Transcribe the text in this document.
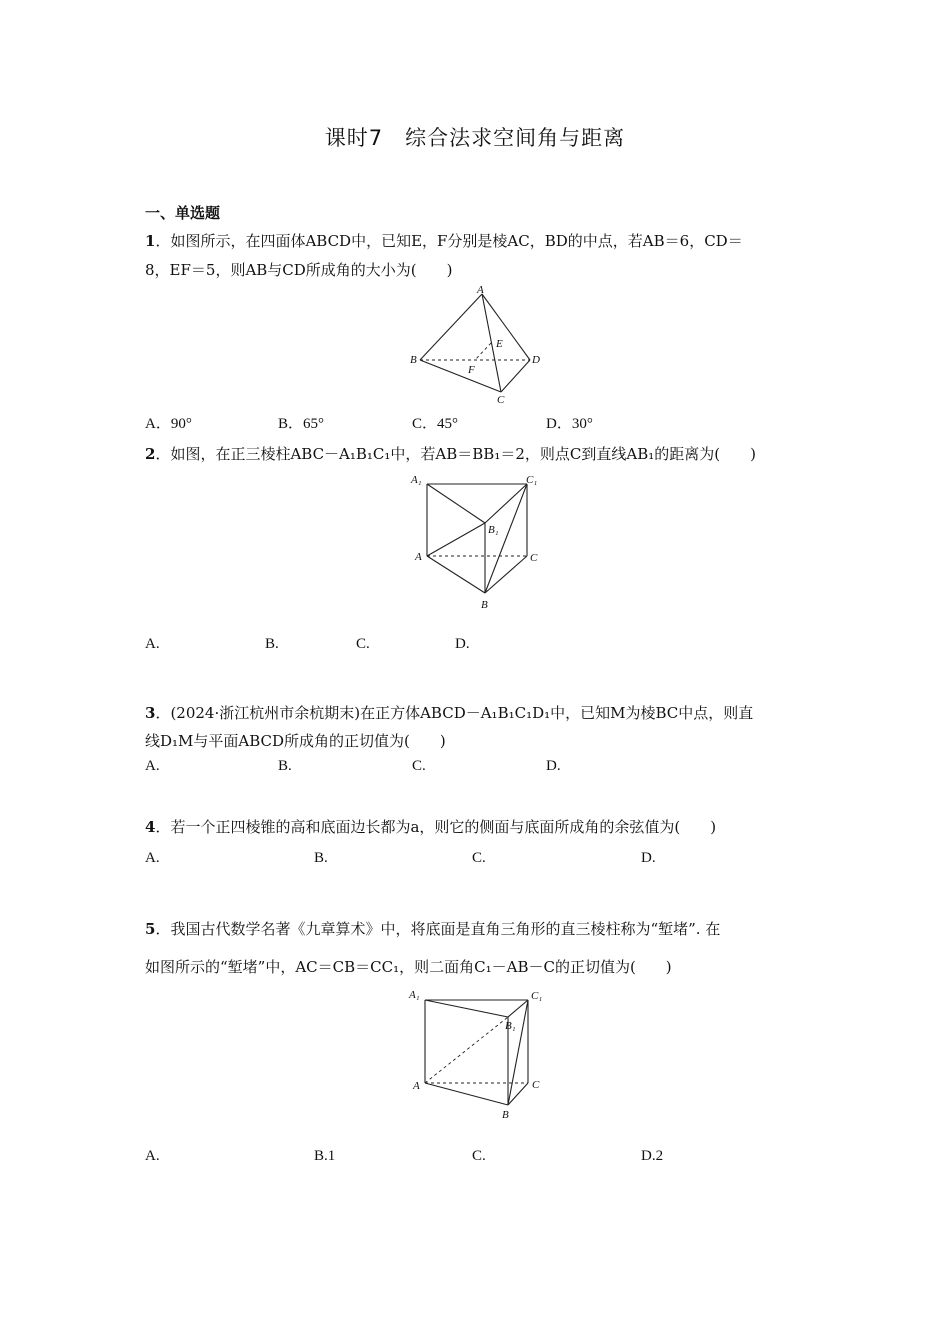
课时7　综合法求空间角与距离
一、单选题
1．如图所示，在四面体ABCD中，已知E，F分别是棱AC，BD的中点，若AB＝6，CD＝
8，EF＝5，则AB与CD所成角的大小为(　　)
A
B	D
C
E
F
A．90°	B．65°	C．45°	D．30°
2．如图，在正三棱柱ABC－A₁B₁C₁中，若AB＝BB₁＝2，则点C到直线AB₁的距离为(　　)
A₁	C₁
B₁
A	C
B
A.	B.	C.	D.
3．(2024·浙江杭州市余杭期末)在正方体ABCD－A₁B₁C₁D₁中，已知M为棱BC中点，则直
线D₁M与平面ABCD所成角的正切值为(　　)
A.	B.	C.	D.
4．若一个正四棱锥的高和底面边长都为a，则它的侧面与底面所成角的余弦值为(　　)
A.	B.	C.	D.
5．我国古代数学名著《九章算术》中，将底面是直角三角形的直三棱柱称为“堑堵”. 在
如图所示的“堑堵”中，AC＝CB＝CC₁，则二面角C₁－AB－C的正切值为(　　)
A₁	C₁
B₁
A	C
B
A.	B.1	C.	D.2
